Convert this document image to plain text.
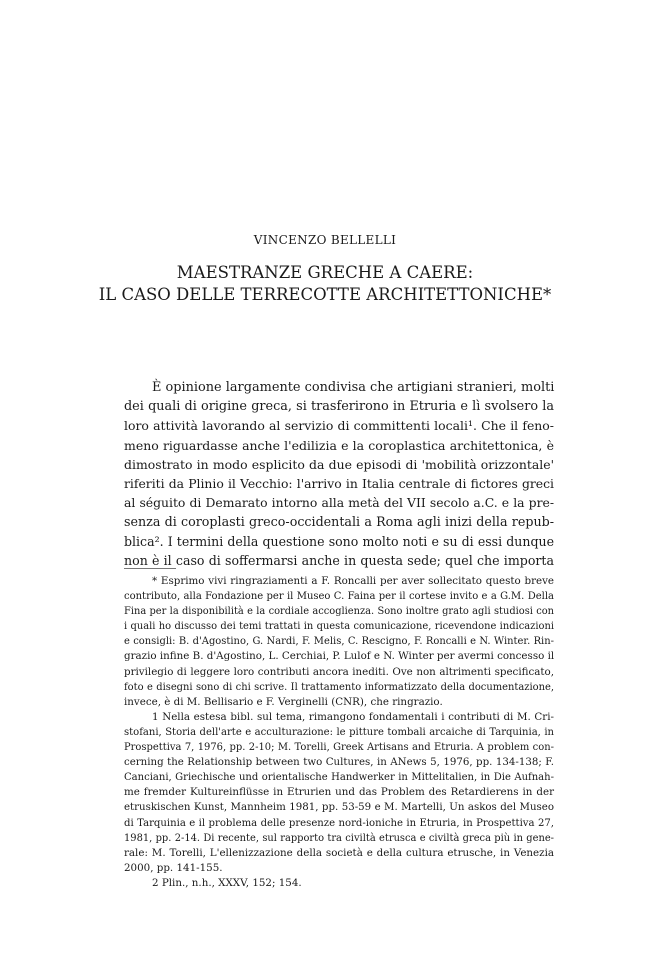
VINCENZO BELLELLI
MAESTRANZE GRECHE A CAERE:
IL CASO DELLE TERRECOTTE ARCHITETTONICHE*
È opinione largamente condivisa che artigiani stranieri, molti
dei quali di origine greca, si trasferirono in Etruria e lì svolsero la
loro attività lavorando al servizio di committenti locali¹. Che il feno-
meno riguardasse anche l'edilizia e la coroplastica architettonica, è
dimostrato in modo esplicito da due episodi di 'mobilità orizzontale'
riferiti da Plinio il Vecchio: l'arrivo in Italia centrale di fictores greci
al séguito di Demarato intorno alla metà del VII secolo a.C. e la pre-
senza di coroplasti greco-occidentali a Roma agli inizi della repub-
blica². I termini della questione sono molto noti e su di essi dunque
non è il caso di soffermarsi anche in questa sede; quel che importa
* Esprimo vivi ringraziamenti a F. Roncalli per aver sollecitato questo breve
contributo, alla Fondazione per il Museo C. Faina per il cortese invito e a G.M. Della
Fina per la disponibilità e la cordiale accoglienza. Sono inoltre grato agli studiosi con
i quali ho discusso dei temi trattati in questa comunicazione, ricevendone indicazioni
e consigli: B. d'Agostino, G. Nardi, F. Melis, C. Rescigno, F. Roncalli e N. Winter. Rin-
grazio infine B. d'Agostino, L. Cerchiai, P. Lulof e N. Winter per avermi concesso il
privilegio di leggere loro contributi ancora inediti. Ove non altrimenti specificato,
foto e disegni sono di chi scrive. Il trattamento informatizzato della documentazione,
invece, è di M. Bellisario e F. Verginelli (CNR), che ringrazio.
1 Nella estesa bibl. sul tema, rimangono fondamentali i contributi di M. Cri-
stofani, Storia dell'arte e acculturazione: le pitture tombali arcaiche di Tarquinia, in
Prospettiva 7, 1976, pp. 2-10; M. Torelli, Greek Artisans and Etruria. A problem con-
cerning the Relationship between two Cultures, in ANews 5, 1976, pp. 134-138; F.
Canciani, Griechische und orientalische Handwerker in Mittelitalien, in Die Aufnah-
me fremder Kultureinflüsse in Etrurien und das Problem des Retardierens in der
etruskischen Kunst, Mannheim 1981, pp. 53-59 e M. Martelli, Un askos del Museo
di Tarquinia e il problema delle presenze nord-ioniche in Etruria, in Prospettiva 27,
1981, pp. 2-14. Di recente, sul rapporto tra civiltà etrusca e civiltà greca più in gene-
rale: M. Torelli, L'ellenizzazione della società e della cultura etrusche, in Venezia
2000, pp. 141-155.
2 Plin., n.h., XXXV, 152; 154.
